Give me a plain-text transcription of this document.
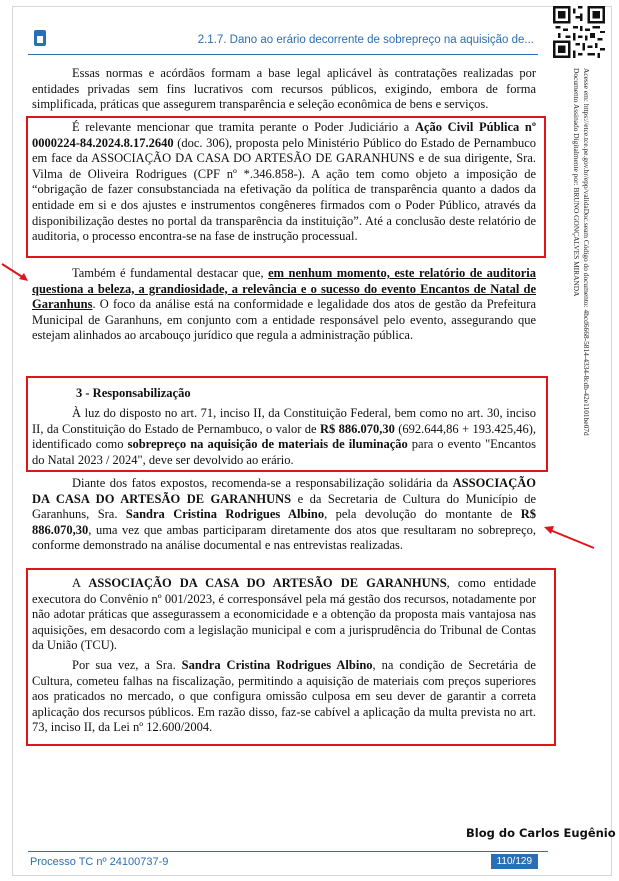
2.1.7. Dano ao erário decorrente de sobrepreço na aquisição de...
Documento Assinado Digitalmente por: BRUNO GONÇALVES MIRANDA Acesse em: https://etce.tce.pe.gov.br/epp/validaDoc.seam Código do documento: 4bcd6668-5814-4334-8cdb-42e1101be07d

Essas normas e acórdãos formam a base legal aplicável às contratações realizadas por entidades privadas sem fins lucrativos com recursos públicos, exigindo, embora de forma simplificada, práticas que assegurem transparência e seleção econômica de bens e serviços.

É relevante mencionar que tramita perante o Poder Judiciário a Ação Civil Pública nº 0000224-84.2024.8.17.2640 (doc. 306), proposta pelo Ministério Público do Estado de Pernambuco em face da ASSOCIAÇÃO DA CASA DO ARTESÃO DE GARANHUNS e de sua dirigente, Sra. Vilma de Oliveira Rodrigues (CPF nº *.346.858-). A ação tem como objeto a imposição de “obrigação de fazer consubstanciada na efetivação da política de transparência quanto a dados da entidade em si e dos ajustes e instrumentos congêneres firmados com o Poder Público, através da disponibilização destes no portal da transparência da instituição”. Até a conclusão deste relatório de auditoria, o processo encontra-se na fase de instrução processual.

Também é fundamental destacar que, em nenhum momento, este relatório de auditoria questiona a beleza, a grandiosidade, a relevância e o sucesso do evento Encantos de Natal de Garanhuns. O foco da análise está na conformidade e legalidade dos atos de gestão da Prefeitura Municipal de Garanhuns, em conjunto com a entidade responsável pelo evento, assegurando que estejam alinhados ao arcabouço jurídico que regula a administração pública.

3 - Responsabilização

À luz do disposto no art. 71, inciso II, da Constituição Federal, bem como no art. 30, inciso II, da Constituição do Estado de Pernambuco, o valor de R$ 886.070,30 (692.644,86 + 193.425,46), identificado como sobrepreço na aquisição de materiais de iluminação para o evento "Encantos do Natal 2023 / 2024", deve ser devolvido ao erário.

Diante dos fatos expostos, recomenda-se a responsabilização solidária da ASSOCIAÇÃO DA CASA DO ARTESÃO DE GARANHUNS e da Secretaria de Cultura do Município de Garanhuns, Sra. Sandra Cristina Rodrigues Albino, pela devolução do montante de R$ 886.070,30, uma vez que ambas participaram diretamente dos atos que resultaram no sobrepreço, conforme demonstrado na análise documental e nas entrevistas realizadas.

A ASSOCIAÇÃO DA CASA DO ARTESÃO DE GARANHUNS, como entidade executora do Convênio nº 001/2023, é corresponsável pela má gestão dos recursos, notadamente por não adotar práticas que assegurassem a economicidade e a obtenção da proposta mais vantajosa nas aquisições, em desacordo com a legislação municipal e com a jurisprudência do Tribunal de Contas da União (TCU).

Por sua vez, a Sra. Sandra Cristina Rodrigues Albino, na condição de Secretária de Cultura, cometeu falhas na fiscalização, permitindo a aquisição de materiais com preços superiores aos praticados no mercado, o que configura omissão culposa em seu dever de garantir a correta aplicação dos recursos públicos. Em razão disso, faz-se cabível a aplicação da multa prevista no art. 73, inciso II, da Lei nº 12.600/2004.

Blog do Carlos Eugênio
Processo TC nº 24100737-9	110/129
